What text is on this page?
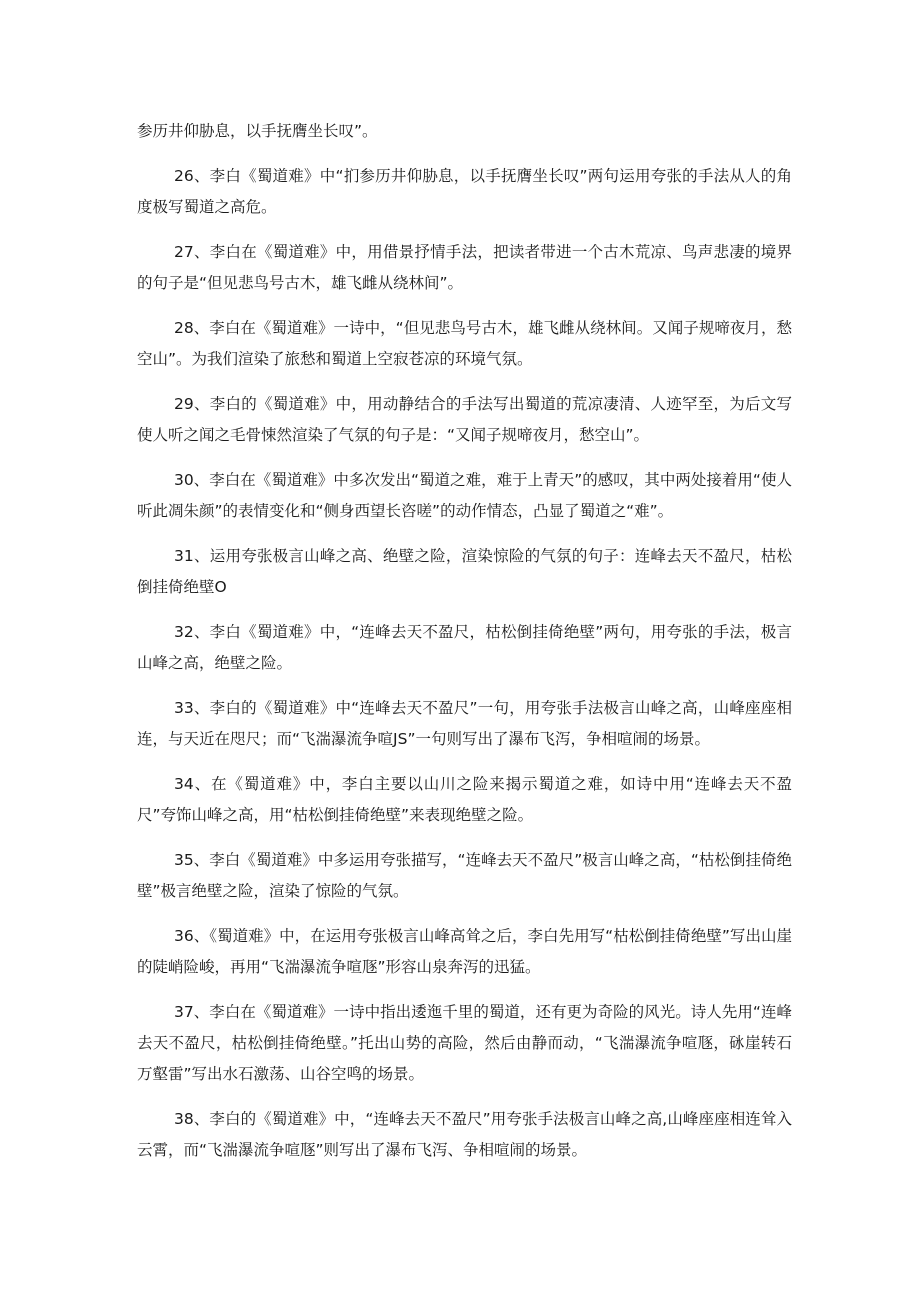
参历井仰胁息，以手抚膺坐长叹”。

26、李白《蜀道难》中“扪参历井仰胁息，以手抚膺坐长叹”两句运用夸张的手法从人的角度极写蜀道之高危。

27、李白在《蜀道难》中，用借景抒情手法，把读者带进一个古木荒凉、鸟声悲凄的境界的句子是“但见悲鸟号古木，雄飞雌从绕林间”。

28、李白在《蜀道难》一诗中，“但见悲鸟号古木，雄飞雌从绕林间。又闻子规啼夜月，愁空山”。为我们渲染了旅愁和蜀道上空寂苍凉的环境气氛。

29、李白的《蜀道难》中，用动静结合的手法写出蜀道的荒凉凄清、人迹罕至，为后文写使人听之闻之毛骨悚然渲染了气氛的句子是：“又闻子规啼夜月，愁空山”。

30、李白在《蜀道难》中多次发出“蜀道之难，难于上青天”的感叹，其中两处接着用“使人听此凋朱颜”的表情变化和“侧身西望长咨嗟”的动作情态，凸显了蜀道之“难”。

31、运用夸张极言山峰之高、绝壁之险，渲染惊险的气氛的句子：连峰去天不盈尺，枯松倒挂倚绝壁O

32、李白《蜀道难》中，“连峰去天不盈尺，枯松倒挂倚绝壁”两句，用夸张的手法，极言山峰之高，绝壁之险。

33、李白的《蜀道难》中“连峰去天不盈尺”一句，用夸张手法极言山峰之高，山峰座座相连，与天近在咫尺；而“飞湍瀑流争喧JS”一句则写出了瀑布飞泻，争相喧闹的场景。

34、在《蜀道难》中，李白主要以山川之险来揭示蜀道之难，如诗中用“连峰去天不盈尺”夸饰山峰之高，用“枯松倒挂倚绝壁”来表现绝壁之险。

35、李白《蜀道难》中多运用夸张描写，“连峰去天不盈尺”极言山峰之高，“枯松倒挂倚绝壁”极言绝壁之险，渲染了惊险的气氛。

36、《蜀道难》中，在运用夸张极言山峰高耸之后，李白先用写“枯松倒挂倚绝壁”写出山崖的陡峭险峻，再用“飞湍瀑流争喧豗”形容山泉奔泻的迅猛。

37、李白在《蜀道难》一诗中指出逶迤千里的蜀道，还有更为奇险的风光。诗人先用“连峰去天不盈尺，枯松倒挂倚绝壁。”托出山势的高险，然后由静而动，“飞湍瀑流争喧豗，砯崖转石万壑雷”写出水石激荡、山谷空鸣的场景。

38、李白的《蜀道难》中，“连峰去天不盈尺”用夸张手法极言山峰之高,山峰座座相连耸入云霄，而“飞湍瀑流争喧豗”则写出了瀑布飞泻、争相喧闹的场景。
